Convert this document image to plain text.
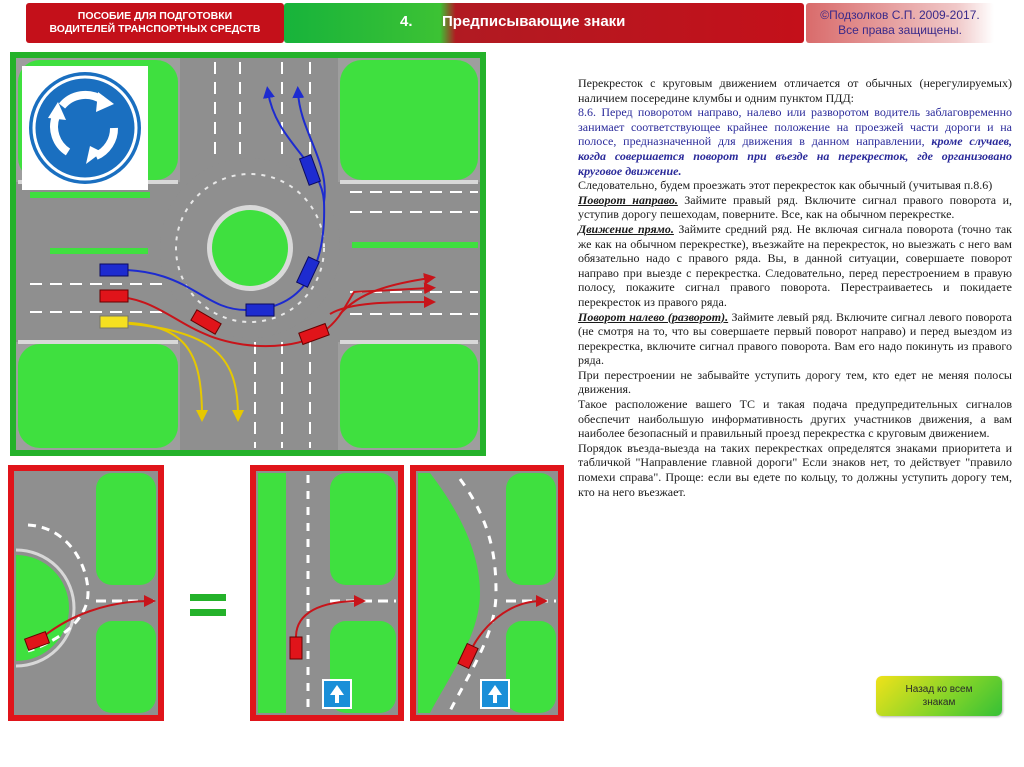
ПОСОБИЕ ДЛЯ ПОДГОТОВКИ
ВОДИТЕЛЕЙ ТРАНСПОРТНЫХ СРЕДСТВ	4. Предписывающие знаки	©Подзолков С.П. 2009-2017.
Все права защищены.

Перекресток с круговым движением отличается от обычных (нерегулируемых) наличием посередине клумбы и одним пунктом ПДД:

8.6. Перед поворотом направо, налево или разворотом водитель заблаговременно занимает соответствующее крайнее положение на проезжей части дороги и на полосе, предназначенной для движения в данном направлении, кроме случаев, когда совершается поворот при въезде на перекресток, где организовано круговое движение.

Следовательно, будем проезжать этот перекресток как обычный (учитывая п.8.6)

Поворот направо. Займите правый ряд. Включите сигнал правого поворота и, уступив дорогу пешеходам, поверните. Все, как на обычном перекрестке.

Движение прямо. Займите средний ряд. Не включая сигнала поворота (точно так же как на обычном перекрестке), въезжайте на перекресток, но выезжать с него вам обязательно надо с правого ряда. Вы, в данной ситуации, совершаете поворот направо при выезде с перекрестка. Следовательно, перед перестроением в правую полосу, покажите сигнал правого поворота. Перестраиваетесь и покидаете перекресток из правого ряда.

Поворот налево (разворот). Займите левый ряд. Включите сигнал левого поворота (не смотря на то, что вы совершаете первый поворот направо) и перед выездом из перекрестка, включите сигнал правого поворота. Вам его надо покинуть из правого ряда.

При перестроении не забывайте уступить дорогу тем, кто едет не меняя полосы движения.

Такое расположение вашего ТС и такая подача предупредительных сигналов обеспечит наибольшую информативность других участников движения, а вам наиболее безопасный и правильный проезд перекрестка с круговым движением.

Порядок въезда-выезда на таких перекрестках определятся знаками приоритета и табличкой "Направление главной дороги" Если знаков нет, то действует "правило помехи справа". Проще: если вы едете по кольцу, то должны уступить дорогу тем, кто на него въезжает.

Назад ко всем
знакам
